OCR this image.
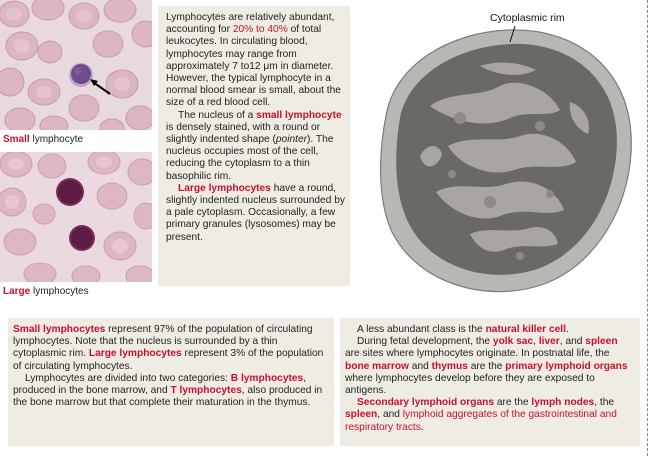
Small lymphocyte
Large lymphocytes

Lymphocytes are relatively abundant, accounting for 20% to 40% of total leukocytes. In circulating blood, lymphocytes may range from approximately 7 to12 μm in diameter. However, the typical lymphocyte in a normal blood smear is small, about the size of a red blood cell.

The nucleus of a small lymphocyte is densely stained, with a round or slightly indented shape (pointer). The nucleus occupies most of the cell, reducing the cytoplasm to a thin basophilic rim.

Large lymphocytes have a round, slightly indented nucleus surrounded by a pale cytoplasm. Occasionally, a few primary granules (lysosomes) may be present.

Cytoplasmic rim

Small lymphocytes represent 97% of the population of circulating lymphocytes. Note that the nucleus is surrounded by a thin cytoplasmic rim. Large lymphocytes represent 3% of the population of circulating lymphocytes.

Lymphocytes are divided into two categories: B lymphocytes, produced in the bone marrow, and T lymphocytes, also produced in the bone marrow but that complete their maturation in the thymus.

A less abundant class is the natural killer cell.

During fetal development, the yolk sac, liver, and spleen are sites where lymphocytes originate. In postnatal life, the bone marrow and thymus are the primary lymphoid organs where lymphocytes develop before they are exposed to antigens.

Secondary lymphoid organs are the lymph nodes, the spleen, and lymphoid aggregates of the gastrointestinal and respiratory tracts.
